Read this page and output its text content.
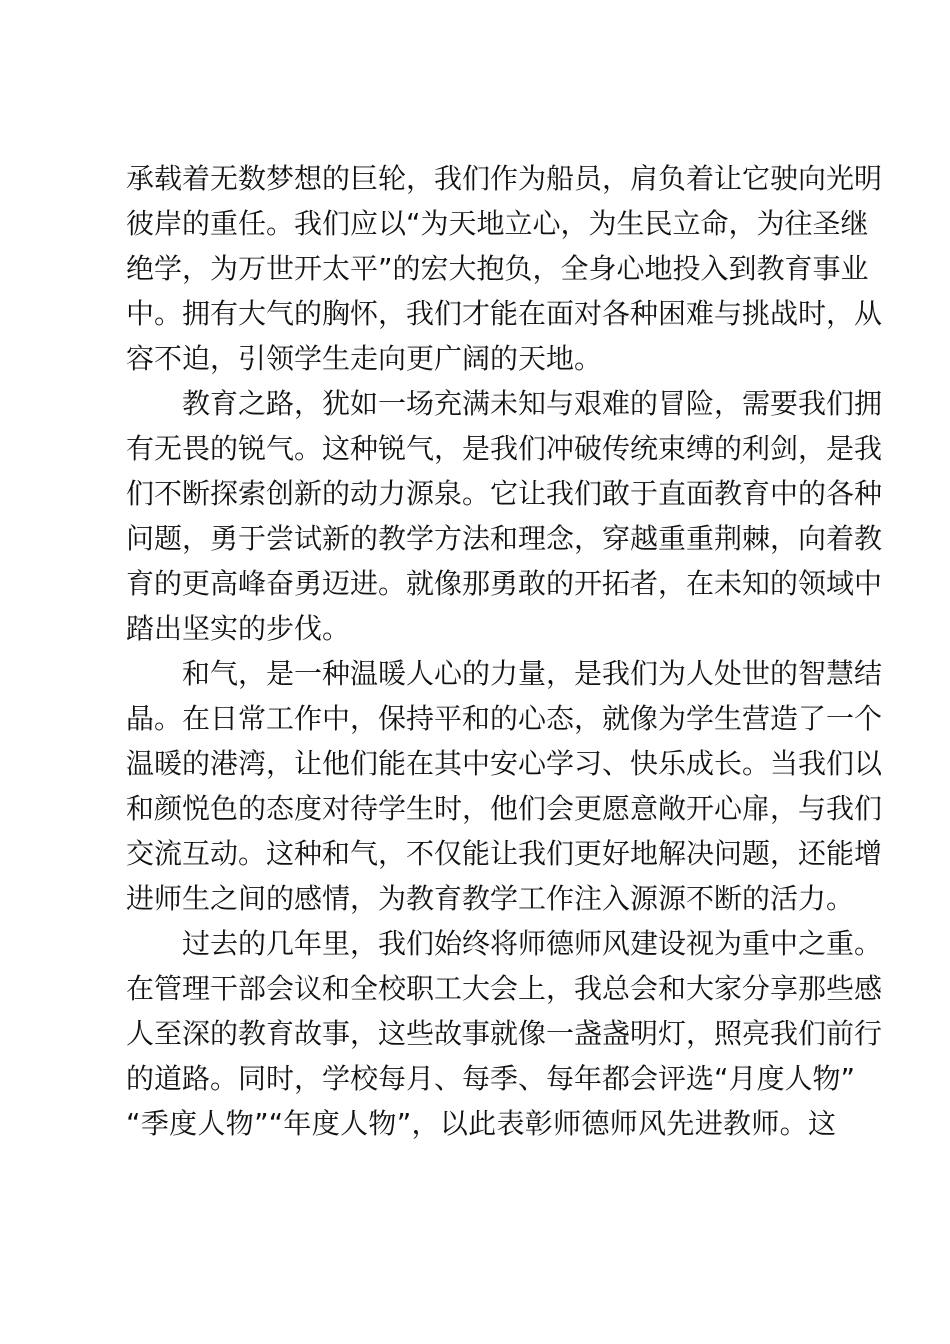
承载着无数梦想的巨轮，我们作为船员，肩负着让它驶向光明
彼岸的重任。我们应以“为天地立心，为生民立命，为往圣继
绝学，为万世开太平”的宏大抱负，全身心地投入到教育事业
中。拥有大气的胸怀，我们才能在面对各种困难与挑战时，从
容不迫，引领学生走向更广阔的天地。

教育之路，犹如一场充满未知与艰难的冒险，需要我们拥
有无畏的锐气。这种锐气，是我们冲破传统束缚的利剑，是我
们不断探索创新的动力源泉。它让我们敢于直面教育中的各种
问题，勇于尝试新的教学方法和理念，穿越重重荆棘，向着教
育的更高峰奋勇迈进。就像那勇敢的开拓者，在未知的领域中
踏出坚实的步伐。

和气，是一种温暖人心的力量，是我们为人处世的智慧结
晶。在日常工作中，保持平和的心态，就像为学生营造了一个
温暖的港湾，让他们能在其中安心学习、快乐成长。当我们以
和颜悦色的态度对待学生时，他们会更愿意敞开心扉，与我们
交流互动。这种和气，不仅能让我们更好地解决问题，还能增
进师生之间的感情，为教育教学工作注入源源不断的活力。

过去的几年里，我们始终将师德师风建设视为重中之重。
在管理干部会议和全校职工大会上，我总会和大家分享那些感
人至深的教育故事，这些故事就像一盏盏明灯，照亮我们前行
的道路。同时，学校每月、每季、每年都会评选“月度人物”
“季度人物”“年度人物”，以此表彰师德师风先进教师。这
